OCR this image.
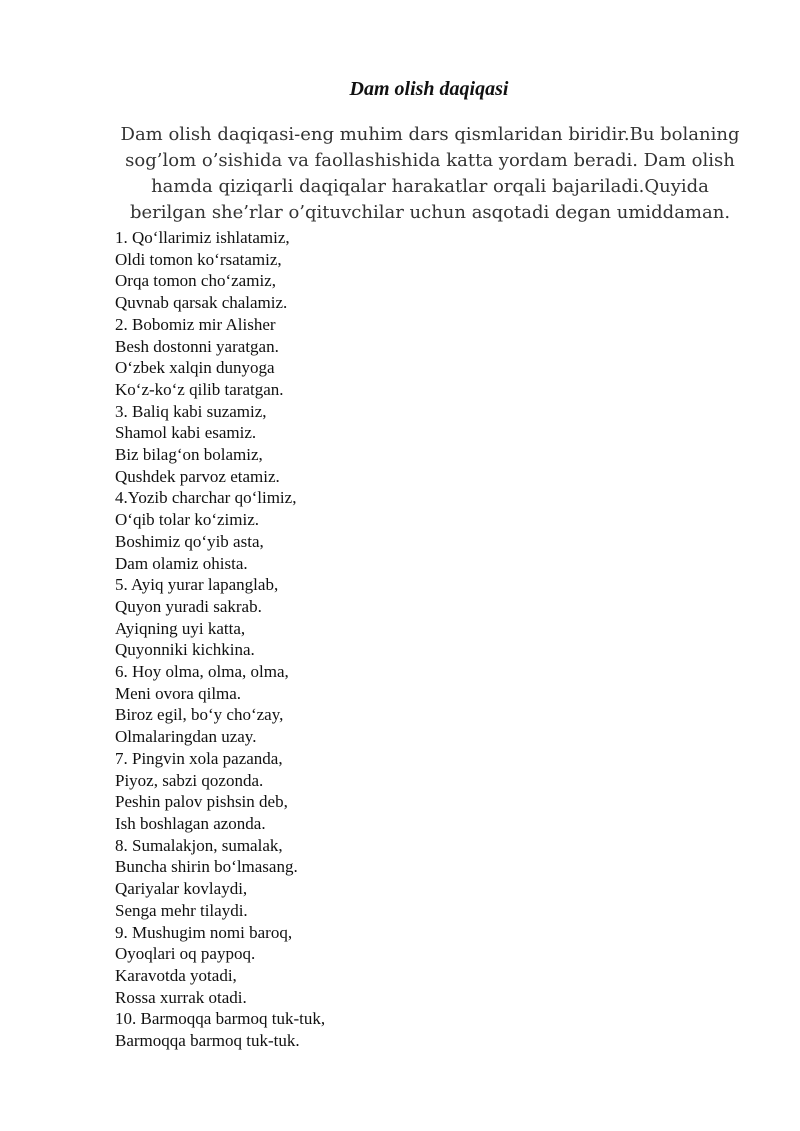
Dam olish daqiqasi
Dam olish daqiqasi-eng muhim dars qismlaridan biridir.Bu bolaning sog’lom o’sishida va faollashishida katta yordam beradi. Dam olish hamda qiziqarli daqiqalar harakatlar orqali bajariladi.Quyida berilgan she’rlar o’qituvchilar uchun asqotadi degan umiddaman.
1. Qo‘llarimiz ishlatamiz,
Oldi tomon ko‘rsatamiz,
Orqa tomon cho‘zamiz,
Quvnab qarsak chalamiz.
2. Bobomiz mir Alisher
Besh dostonni yaratgan.
O‘zbek xalqin dunyoga
Ko‘z-ko‘z qilib taratgan.
3. Baliq kabi suzamiz,
Shamol kabi esamiz.
Biz bilag‘on bolamiz,
Qushdek parvoz etamiz.
4.Yozib charchar qo‘limiz,
O‘qib tolar ko‘zimiz.
Boshimiz qo‘yib asta,
Dam olamiz ohista.
5. Ayiq yurar lapanglab,
Quyon yuradi sakrab.
Ayiqning uyi katta,
Quyonniki kichkina.
6. Hoy olma, olma, olma,
Meni ovora qilma.
Biroz egil, bo‘y cho‘zay,
Olmalaringdan uzay.
7. Pingvin xola pazanda,
Piyoz, sabzi qozonda.
Peshin palov pishsin deb,
Ish boshlagan azonda.
8. Sumalakjon, sumalak,
Buncha shirin bo‘lmasang.
Qariyalar kovlaydi,
Senga mehr tilaydi.
9. Mushugim nomi baroq,
Oyoqlari oq paypoq.
Karavotda yotadi,
Rossa xurrak otadi.
10. Barmoqqa barmoq tuk-tuk,
Barmoqqa barmoq tuk-tuk.
